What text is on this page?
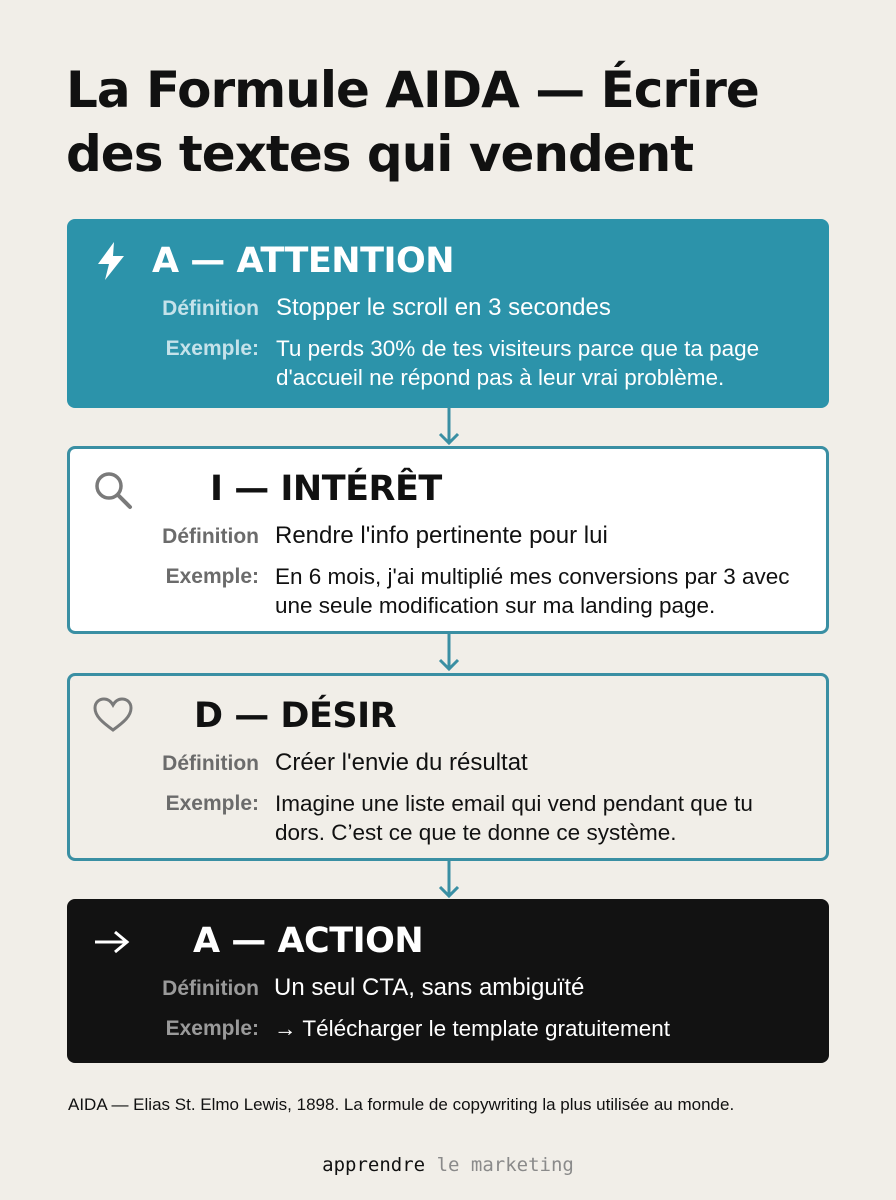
La Formule AIDA — Écrire des textes qui vendent
A — ATTENTION
Définition Stopper le scroll en 3 secondes
Exemple: Tu perds 30% de tes visiteurs parce que ta page d'accueil ne répond pas à leur vrai problème.
I — INTÉRÊT
Définition Rendre l'info pertinente pour lui
Exemple: En 6 mois, j'ai multiplié mes conversions par 3 avec une seule modification sur ma landing page.
D — DÉSIR
Définition Créer l'envie du résultat
Exemple: Imagine une liste email qui vend pendant que tu dors. C’est ce que te donne ce système.
A — ACTION
Définition Un seul CTA, sans ambiguïté
Exemple: → Télécharger le template gratuitement
AIDA — Elias St. Elmo Lewis, 1898. La formule de copywriting la plus utilisée au monde.
apprendre le marketing
